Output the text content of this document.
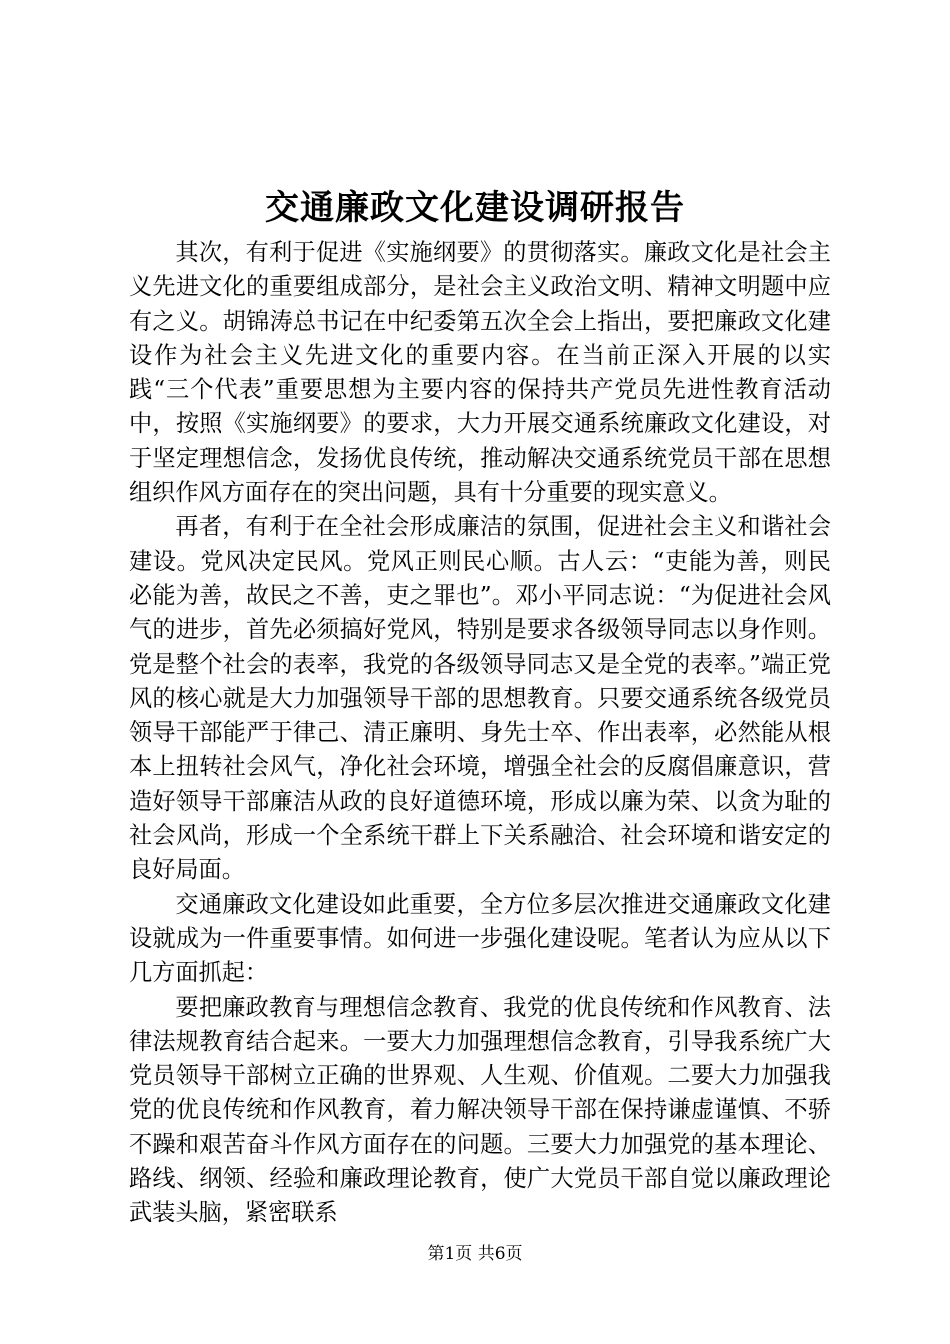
交通廉政文化建设调研报告

其次，有利于促进《实施纲要》的贯彻落实。廉政文化是社会主义先进文化的重要组成部分，是社会主义政治文明、精神文明题中应有之义。胡锦涛总书记在中纪委第五次全会上指出，要把廉政文化建设作为社会主义先进文化的重要内容。在当前正深入开展的以实践“三个代表”重要思想为主要内容的保持共产党员先进性教育活动中，按照《实施纲要》的要求，大力开展交通系统廉政文化建设，对于坚定理想信念，发扬优良传统，推动解决交通系统党员干部在思想组织作风方面存在的突出问题，具有十分重要的现实意义。

再者，有利于在全社会形成廉洁的氛围，促进社会主义和谐社会建设。党风决定民风。党风正则民心顺。古人云：“吏能为善，则民必能为善，故民之不善，吏之罪也”。邓小平同志说：“为促进社会风气的进步，首先必须搞好党风，特别是要求各级领导同志以身作则。党是整个社会的表率，我党的各级领导同志又是全党的表率。”端正党风的核心就是大力加强领导干部的思想教育。只要交通系统各级党员领导干部能严于律己、清正廉明、身先士卒、作出表率，必然能从根本上扭转社会风气，净化社会环境，增强全社会的反腐倡廉意识，营造好领导干部廉洁从政的良好道德环境，形成以廉为荣、以贪为耻的社会风尚，形成一个全系统干群上下关系融洽、社会环境和谐安定的良好局面。

交通廉政文化建设如此重要，全方位多层次推进交通廉政文化建设就成为一件重要事情。如何进一步强化建设呢。笔者认为应从以下几方面抓起：

要把廉政教育与理想信念教育、我党的优良传统和作风教育、法律法规教育结合起来。一要大力加强理想信念教育，引导我系统广大党员领导干部树立正确的世界观、人生观、价值观。二要大力加强我党的优良传统和作风教育，着力解决领导干部在保持谦虚谨慎、不骄不躁和艰苦奋斗作风方面存在的问题。三要大力加强党的基本理论、路线、纲领、经验和廉政理论教育，使广大党员干部自觉以廉政理论武装头脑，紧密联系

第1页 共6页
